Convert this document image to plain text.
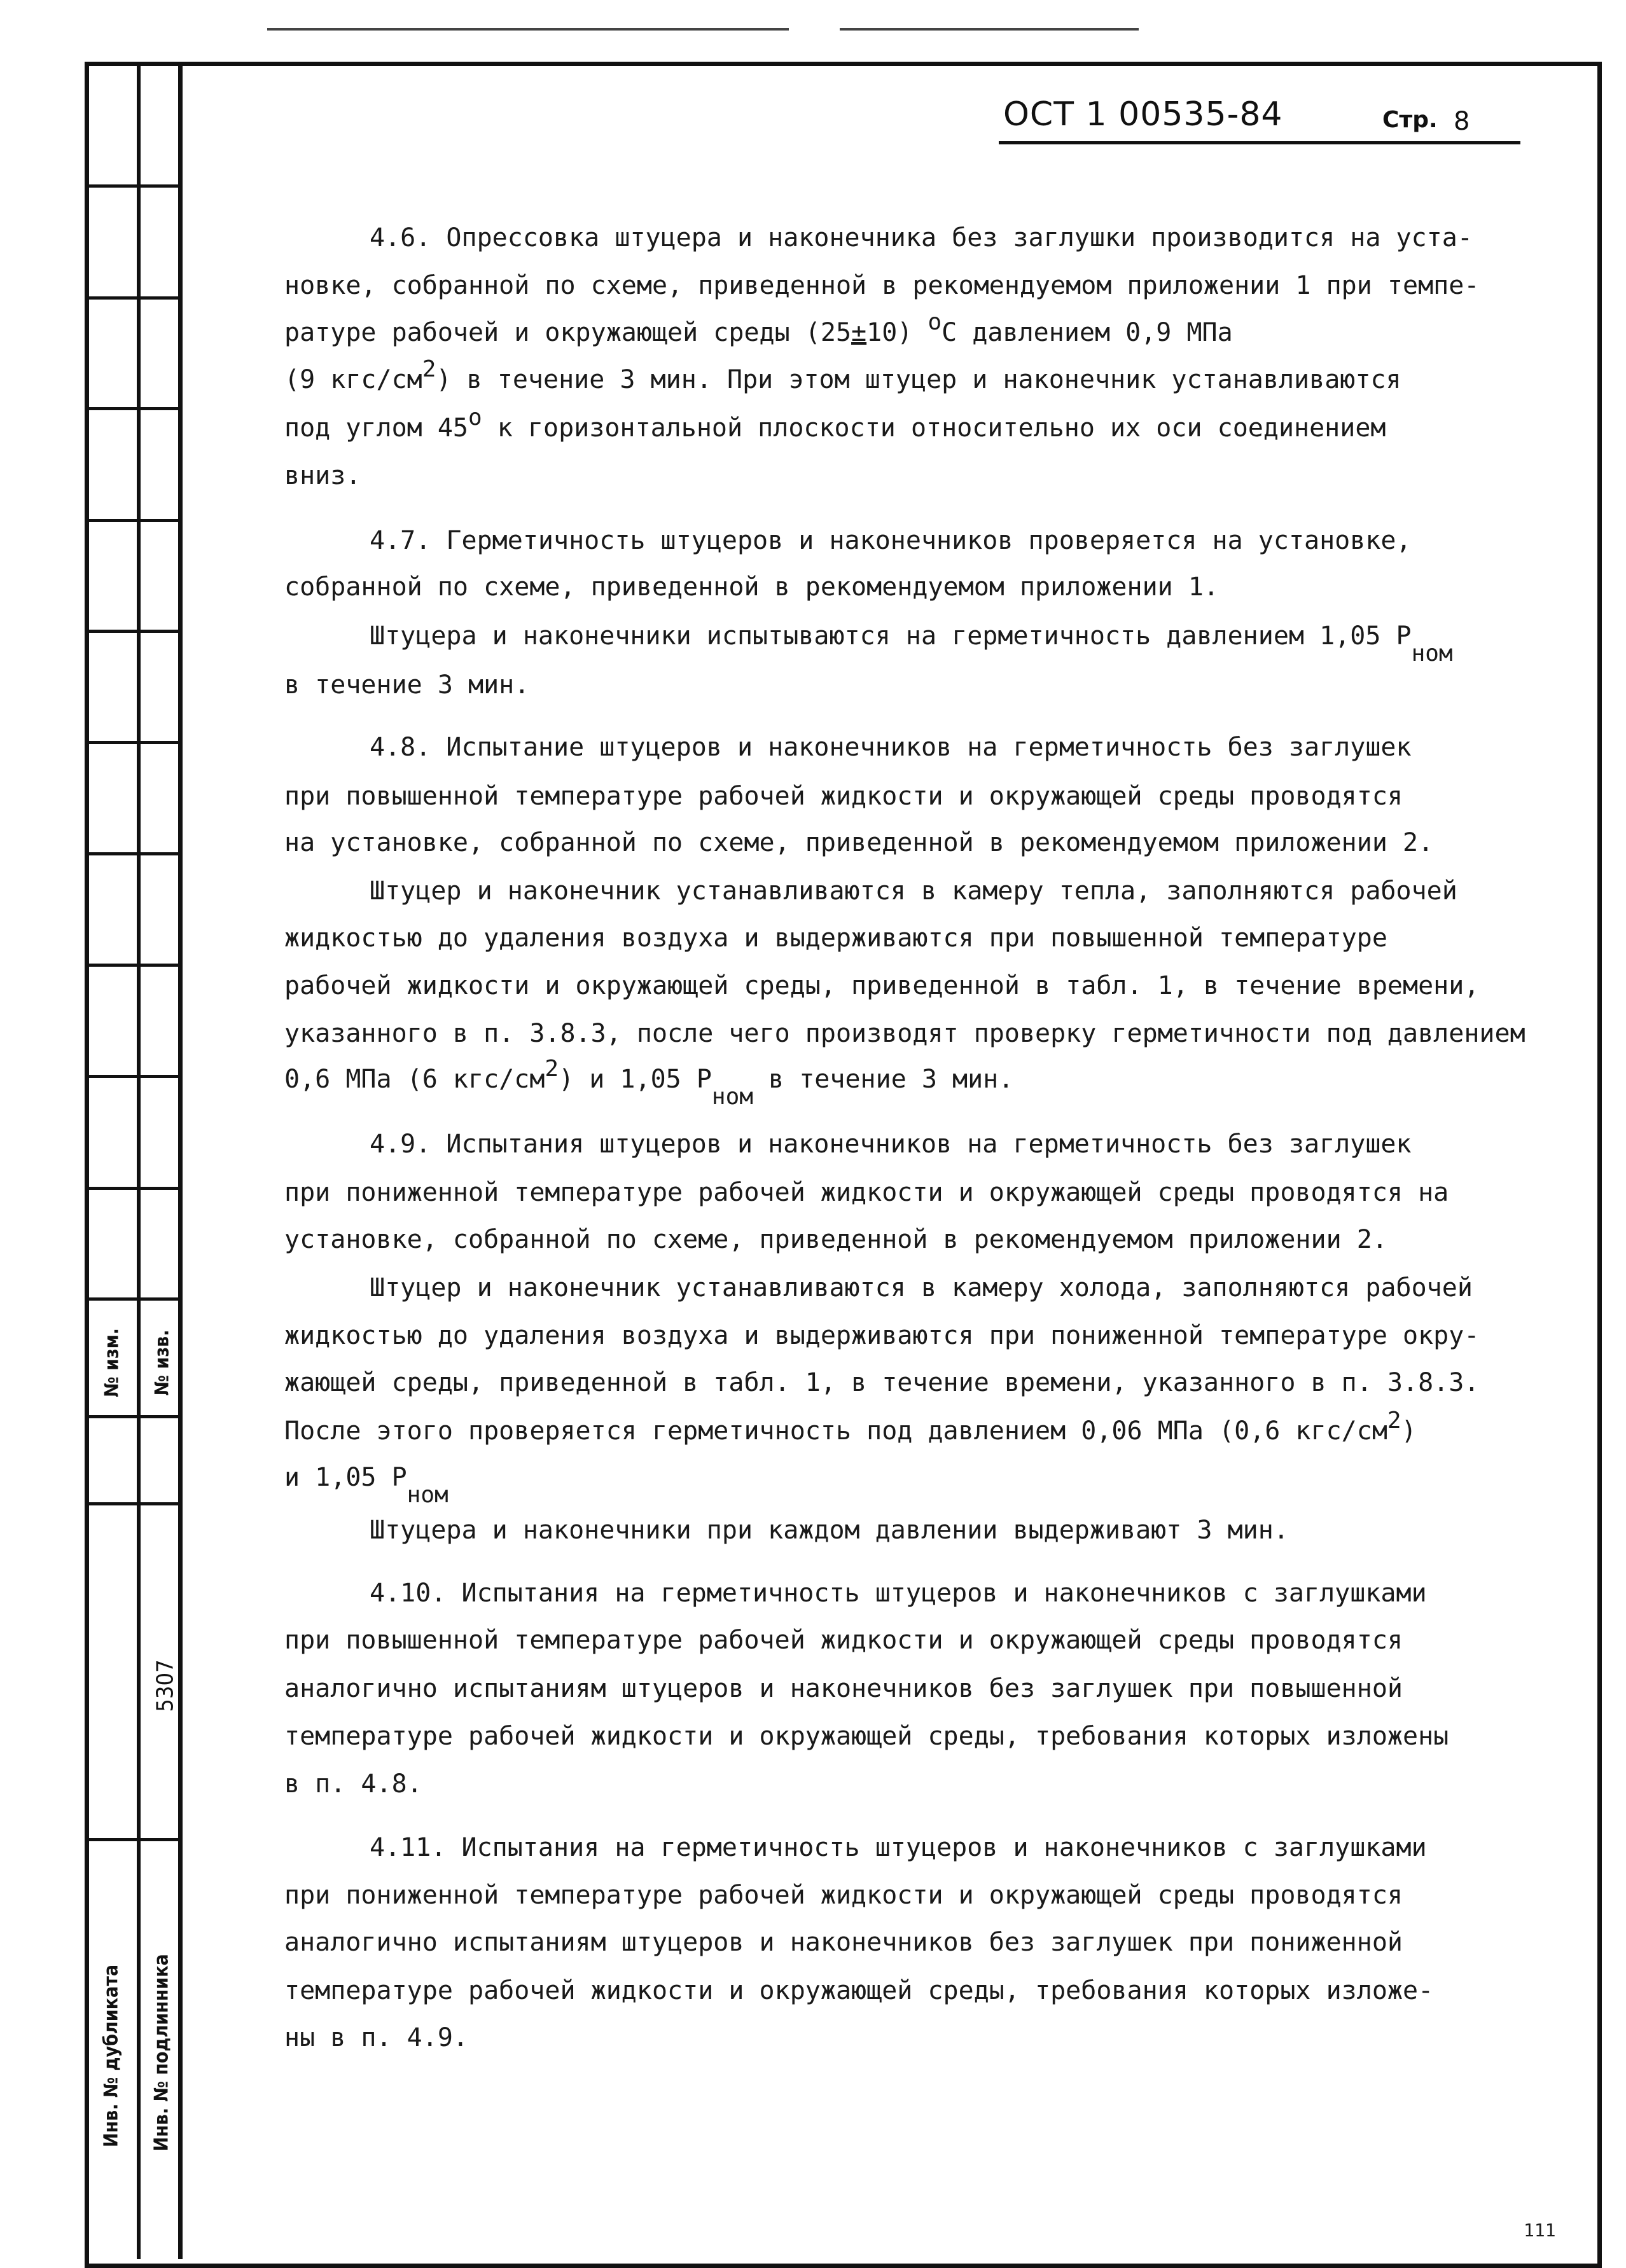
№ изм. № изв.
5307
Инв. № дубликата Инв. № подлинника
ОСТ 1 00535-84	Стр. 8
4.6. Опрессовка штуцера и наконечника без заглушки производится на уста-
новке, собранной по схеме, приведенной в рекомендуемом приложении 1 при темпе-
ратуре рабочей и окружающей среды (25±10) oС давлением 0,9 МПа
(9 кгс/см2) в течение 3 мин. При этом штуцер и наконечник устанавливаются
под углом 45o к горизонтальной плоскости относительно их оси соединением
вниз.
4.7. Герметичность штуцеров и наконечников проверяется на установке,
собранной по схеме, приведенной в рекомендуемом приложении 1.
Штуцера и наконечники испытываются на герметичность давлением 1,05 Pном
в течение 3 мин.
4.8. Испытание штуцеров и наконечников на герметичность без заглушек
при повышенной температуре рабочей жидкости и окружающей среды проводятся
на установке, собранной по схеме, приведенной в рекомендуемом приложении 2.
Штуцер и наконечник устанавливаются в камеру тепла, заполняются рабочей
жидкостью до удаления воздуха и выдерживаются при повышенной температуре
рабочей жидкости и окружающей среды, приведенной в табл. 1, в течение времени,
указанного в п. 3.8.3, после чего производят проверку герметичности под давлением
0,6 МПа (6 кгс/см2) и 1,05 Pном в течение 3 мин.
4.9. Испытания штуцеров и наконечников на герметичность без заглушек
при пониженной температуре рабочей жидкости и окружающей среды проводятся на
установке, собранной по схеме, приведенной в рекомендуемом приложении 2.
Штуцер и наконечник устанавливаются в камеру холода, заполняются рабочей
жидкостью до удаления воздуха и выдерживаются при пониженной температуре окру-
жающей среды, приведенной в табл. 1, в течение времени, указанного в п. 3.8.3.
После этого проверяется герметичность под давлением 0,06 МПа (0,6 кгс/см2)
и 1,05 Pном
Штуцера и наконечники при каждом давлении выдерживают 3 мин.
4.10. Испытания на герметичность штуцеров и наконечников с заглушками
при повышенной температуре рабочей жидкости и окружающей среды проводятся
аналогично испытаниям штуцеров и наконечников без заглушек при повышенной
температуре рабочей жидкости и окружающей среды, требования которых изложены
в п. 4.8.
4.11. Испытания на герметичность штуцеров и наконечников с заглушками
при пониженной температуре рабочей жидкости и окружающей среды проводятся
аналогично испытаниям штуцеров и наконечников без заглушек при пониженной
температуре рабочей жидкости и окружающей среды, требования которых изложе-
ны в п. 4.9.
111
